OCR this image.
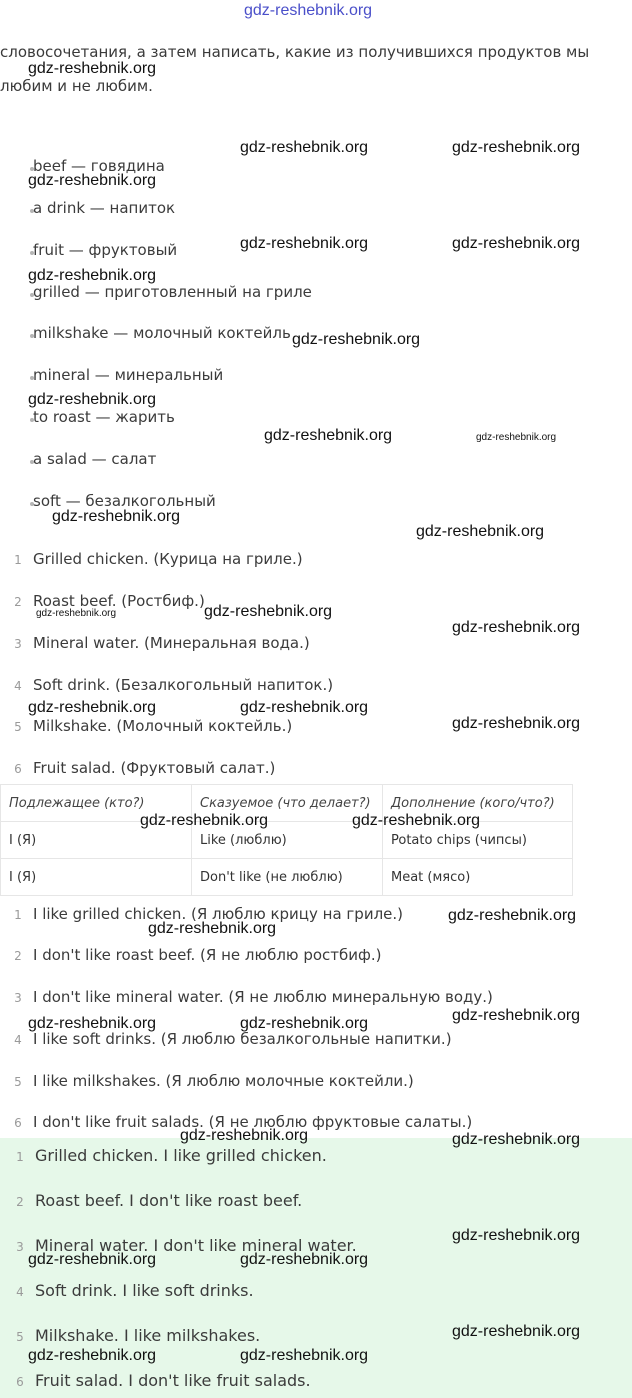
gdz-reshebnik.org
словосочетания, а затем написать, какие из получившихся продуктов мы
любим и не любим.
beef — говядина
a drink — напиток
fruit — фруктовый
grilled — приготовленный на гриле
milkshake — молочный коктейль
mineral — минеральный
to roast — жарить
a salad — салат
soft — безалкогольный
1 Grilled chicken. (Курица на гриле.)
2 Roast beef. (Ростбиф.)
3 Mineral water. (Минеральная вода.)
4 Soft drink. (Безалкогольный напиток.)
5 Milkshake. (Молочный коктейль.)
6 Fruit salad. (Фруктовый салат.)
Подлежащее (кто?)	Сказуемое (что делает?)	Дополнение (кого/что?)
I (Я)	Like (люблю)	Potato chips (чипсы)
I (Я)	Don't like (не люблю)	Meat (мясо)
1 I like grilled chicken. (Я люблю крицу на гриле.)
2 I don't like roast beef. (Я не люблю ростбиф.)
3 I don't like mineral water. (Я не люблю минеральную воду.)
4 I like soft drinks. (Я люблю безалкогольные напитки.)
5 I like milkshakes. (Я люблю молочные коктейли.)
6 I don't like fruit salads. (Я не люблю фруктовые салаты.)
1 Grilled chicken. I like grilled chicken.
2 Roast beef. I don't like roast beef.
3 Mineral water. I don't like mineral water.
4 Soft drink. I like soft drinks.
5 Milkshake. I like milkshakes.
6 Fruit salad. I don't like fruit salads.
gdz-reshebnik.org
gdz-reshebnik.org	gdz-reshebnik.org
gdz-reshebnik.org
gdz-reshebnik.org	gdz-reshebnik.org
gdz-reshebnik.org
gdz-reshebnik.org
gdz-reshebnik.org
gdz-reshebnik.org	gdz-reshebnik.org
gdz-reshebnik.org
gdz-reshebnik.org
gdz-reshebnik.org	gdz-reshebnik.org
gdz-reshebnik.org
gdz-reshebnik.org	gdz-reshebnik.org
gdz-reshebnik.org
gdz-reshebnik.org	gdz-reshebnik.org
gdz-reshebnik.org
gdz-reshebnik.org
gdz-reshebnik.org
gdz-reshebnik.org	gdz-reshebnik.org
gdz-reshebnik.org	gdz-reshebnik.org
gdz-reshebnik.org
gdz-reshebnik.org	gdz-reshebnik.org
gdz-reshebnik.org
gdz-reshebnik.org	gdz-reshebnik.org
